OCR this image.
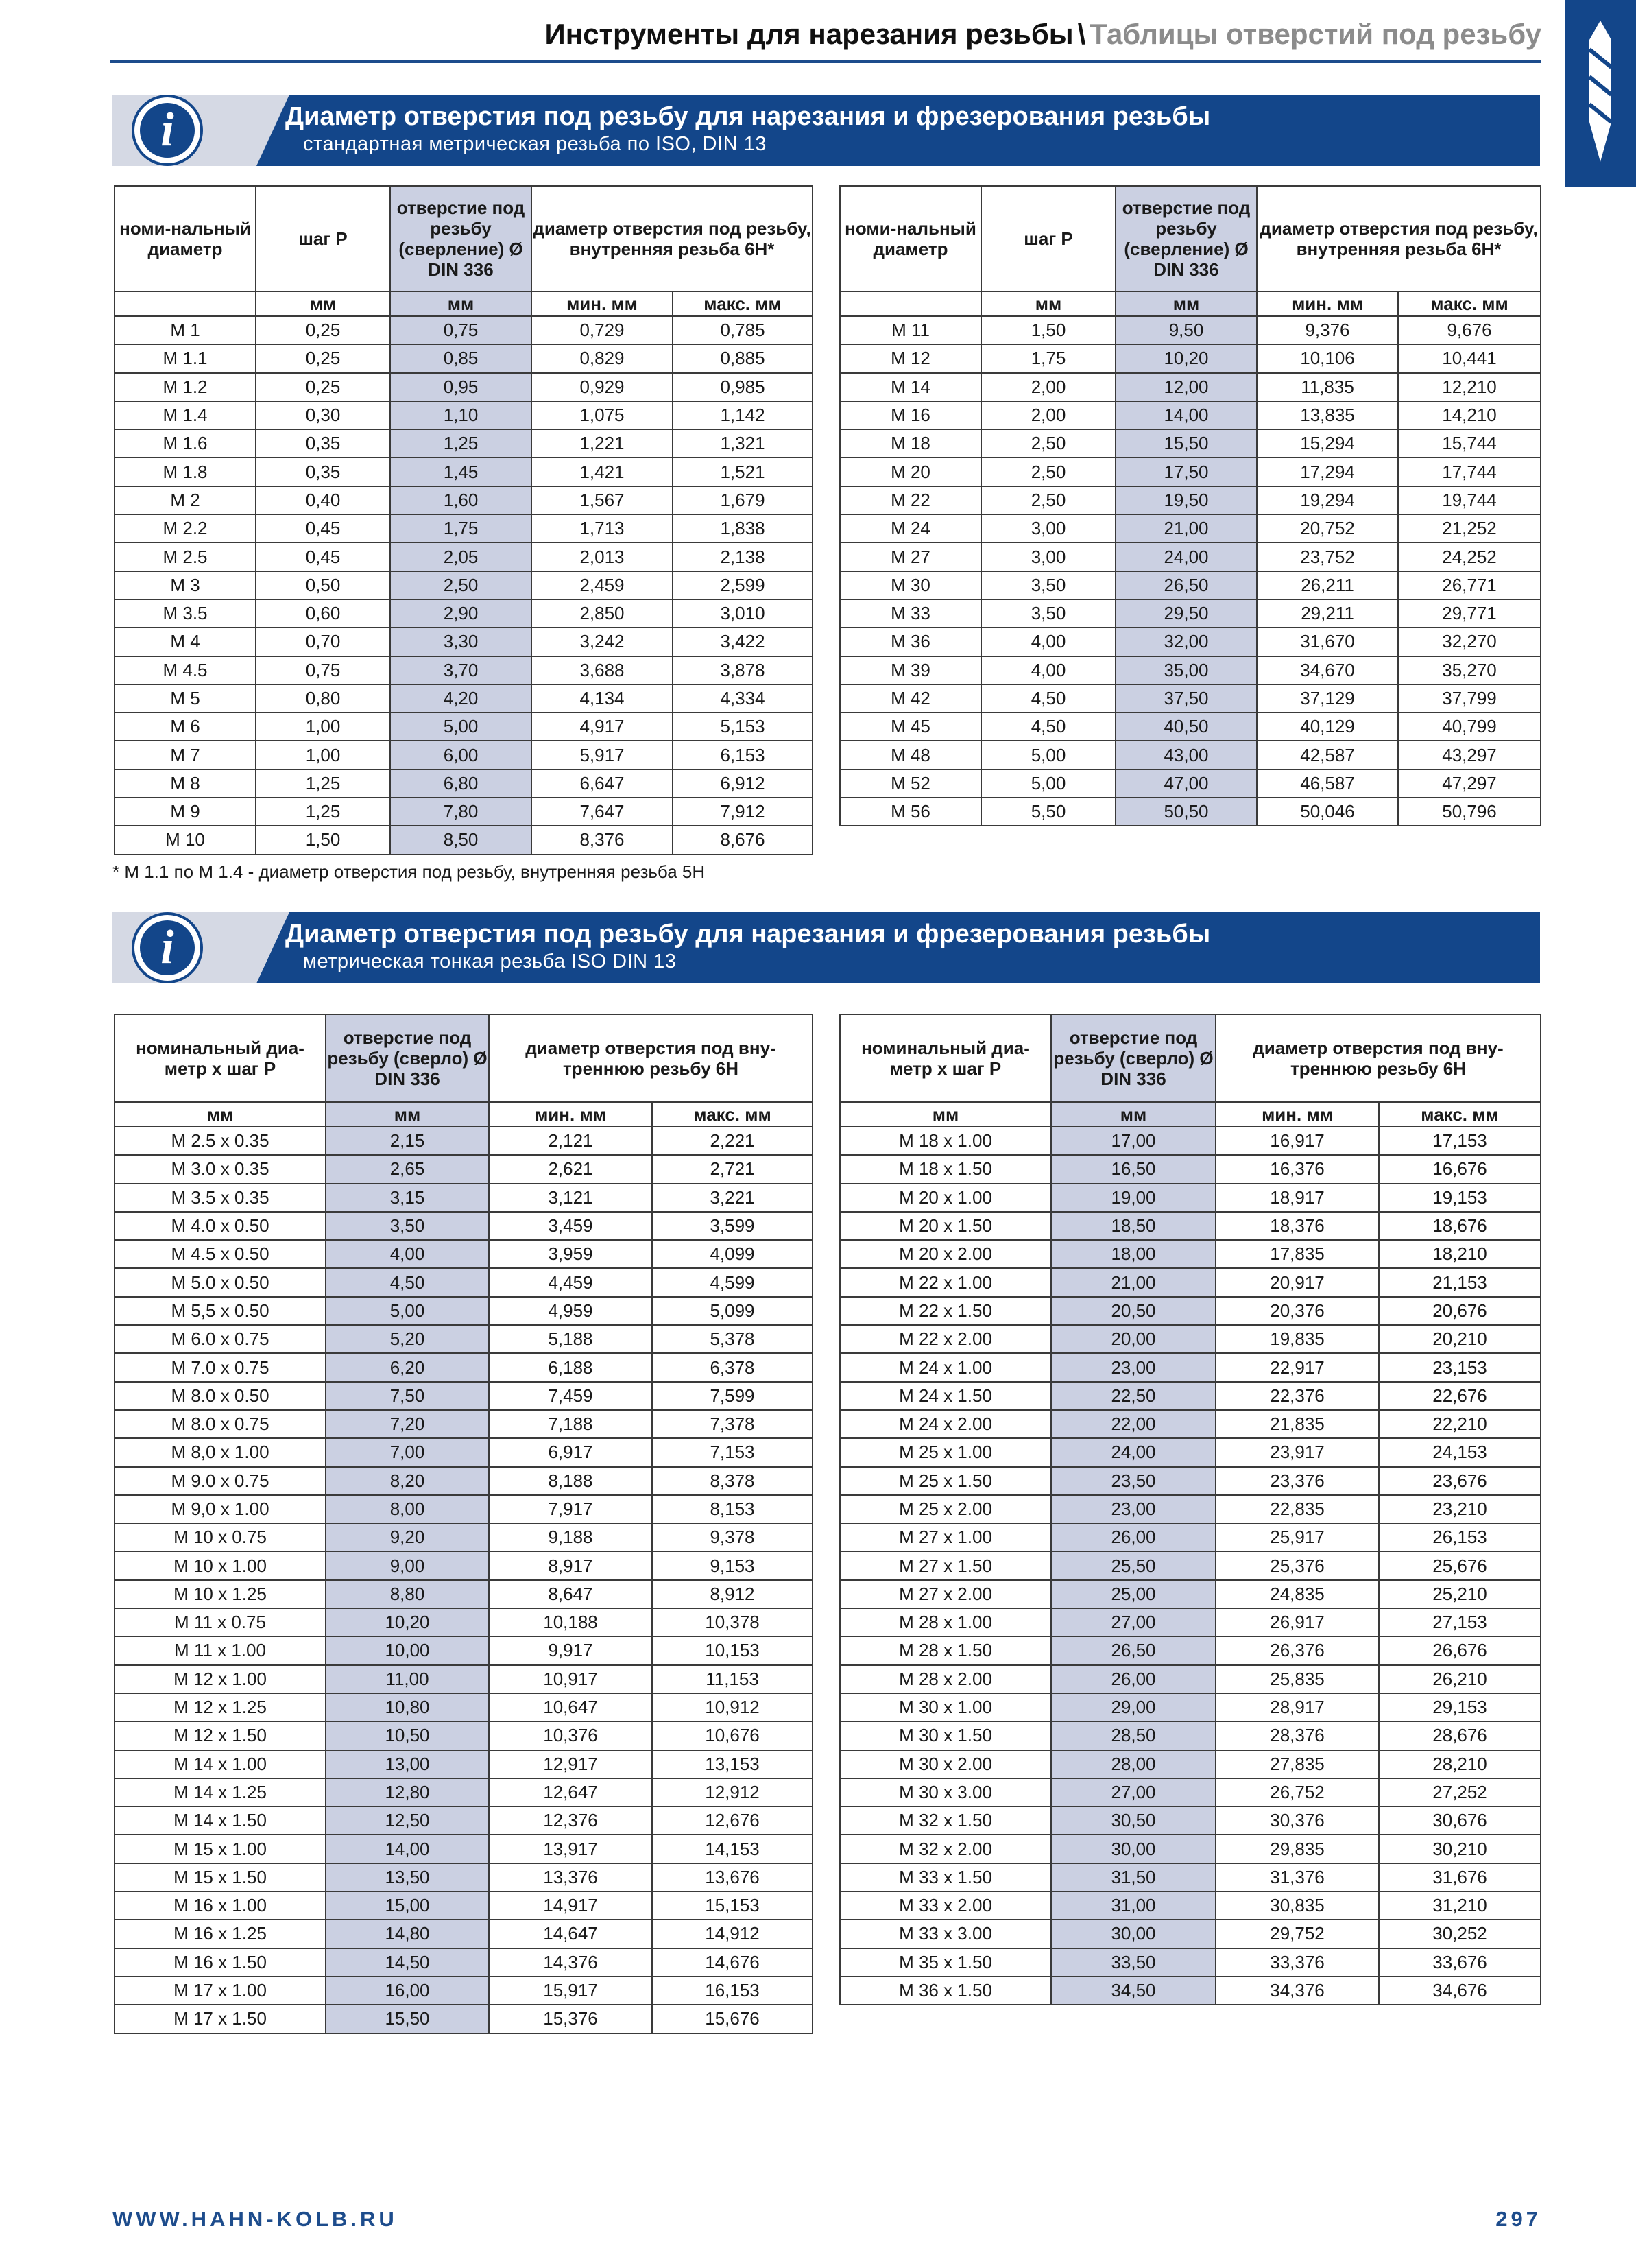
Инструменты для нарезания резьбы \ Таблицы отверстий под резьбу
i	Диаметр отверстия под резьбу для нарезания и фрезерования резьбы
стандартная метрическая резьба по ISO, DIN 13
номи-нальный диаметр	шаг P	отверстие под резьбу (сверление) Ø DIN 336	диаметр отверстия под резьбу, внутренняя резьба 6H*	
	мм	мм	мин. мм	макс. мм
M 1	0,25	0,75	0,729	0,785
M 1.1	0,25	0,85	0,829	0,885
M 1.2	0,25	0,95	0,929	0,985
M 1.4	0,30	1,10	1,075	1,142
M 1.6	0,35	1,25	1,221	1,321
M 1.8	0,35	1,45	1,421	1,521
M 2	0,40	1,60	1,567	1,679
M 2.2	0,45	1,75	1,713	1,838
M 2.5	0,45	2,05	2,013	2,138
M 3	0,50	2,50	2,459	2,599
M 3.5	0,60	2,90	2,850	3,010
M 4	0,70	3,30	3,242	3,422
M 4.5	0,75	3,70	3,688	3,878
M 5	0,80	4,20	4,134	4,334
M 6	1,00	5,00	4,917	5,153
M 7	1,00	6,00	5,917	6,153
M 8	1,25	6,80	6,647	6,912
M 9	1,25	7,80	7,647	7,912
M 10	1,50	8,50	8,376	8,676
номи-нальный диаметр	шаг P	отверстие под резьбу (сверление) Ø DIN 336	диаметр отверстия под резьбу, внутренняя резьба 6H*	
	мм	мм	мин. мм	макс. мм
M 11	1,50	9,50	9,376	9,676
M 12	1,75	10,20	10,106	10,441
M 14	2,00	12,00	11,835	12,210
M 16	2,00	14,00	13,835	14,210
M 18	2,50	15,50	15,294	15,744
M 20	2,50	17,50	17,294	17,744
M 22	2,50	19,50	19,294	19,744
M 24	3,00	21,00	20,752	21,252
M 27	3,00	24,00	23,752	24,252
M 30	3,50	26,50	26,211	26,771
M 33	3,50	29,50	29,211	29,771
M 36	4,00	32,00	31,670	32,270
M 39	4,00	35,00	34,670	35,270
M 42	4,50	37,50	37,129	37,799
M 45	4,50	40,50	40,129	40,799
M 48	5,00	43,00	42,587	43,297
M 52	5,00	47,00	46,587	47,297
M 56	5,50	50,50	50,046	50,796
* M 1.1 по M 1.4 - диаметр отверстия под резьбу, внутренняя резьба 5H
i	Диаметр отверстия под резьбу для нарезания и фрезерования резьбы
метрическая тонкая резьба ISO DIN 13
номинальный диа-метр x шаг P	отверстие под резьбу (сверло) Ø DIN 336	диаметр отверстия под вну-треннюю резьбу 6H	
мм	мм	мин. мм	макс. мм
M 2.5 x 0.35	2,15	2,121	2,221
M 3.0 x 0.35	2,65	2,621	2,721
M 3.5 x 0.35	3,15	3,121	3,221
M 4.0 x 0.50	3,50	3,459	3,599
M 4.5 x 0.50	4,00	3,959	4,099
M 5.0 x 0.50	4,50	4,459	4,599
M 5,5 x 0.50	5,00	4,959	5,099
M 6.0 x 0.75	5,20	5,188	5,378
M 7.0 x 0.75	6,20	6,188	6,378
M 8.0 x 0.50	7,50	7,459	7,599
M 8.0 x 0.75	7,20	7,188	7,378
M 8,0 x 1.00	7,00	6,917	7,153
M 9.0 x 0.75	8,20	8,188	8,378
M 9,0 x 1.00	8,00	7,917	8,153
M 10 x 0.75	9,20	9,188	9,378
M 10 x 1.00	9,00	8,917	9,153
M 10 x 1.25	8,80	8,647	8,912
M 11 x 0.75	10,20	10,188	10,378
M 11 x 1.00	10,00	9,917	10,153
M 12 x 1.00	11,00	10,917	11,153
M 12 x 1.25	10,80	10,647	10,912
M 12 x 1.50	10,50	10,376	10,676
M 14 x 1.00	13,00	12,917	13,153
M 14 x 1.25	12,80	12,647	12,912
M 14 x 1.50	12,50	12,376	12,676
M 15 x 1.00	14,00	13,917	14,153
M 15 x 1.50	13,50	13,376	13,676
M 16 x 1.00	15,00	14,917	15,153
M 16 x 1.25	14,80	14,647	14,912
M 16 x 1.50	14,50	14,376	14,676
M 17 x 1.00	16,00	15,917	16,153
M 17 x 1.50	15,50	15,376	15,676
номинальный диа-метр x шаг P	отверстие под резьбу (сверло) Ø DIN 336	диаметр отверстия под вну-треннюю резьбу 6H	
мм	мм	мин. мм	макс. мм
M 18 x 1.00	17,00	16,917	17,153
M 18 x 1.50	16,50	16,376	16,676
M 20 x 1.00	19,00	18,917	19,153
M 20 x 1.50	18,50	18,376	18,676
M 20 x 2.00	18,00	17,835	18,210
M 22 x 1.00	21,00	20,917	21,153
M 22 x 1.50	20,50	20,376	20,676
M 22 x 2.00	20,00	19,835	20,210
M 24 x 1.00	23,00	22,917	23,153
M 24 x 1.50	22,50	22,376	22,676
M 24 x 2.00	22,00	21,835	22,210
M 25 x 1.00	24,00	23,917	24,153
M 25 x 1.50	23,50	23,376	23,676
M 25 x 2.00	23,00	22,835	23,210
M 27 x 1.00	26,00	25,917	26,153
M 27 x 1.50	25,50	25,376	25,676
M 27 x 2.00	25,00	24,835	25,210
M 28 x 1.00	27,00	26,917	27,153
M 28 x 1.50	26,50	26,376	26,676
M 28 x 2.00	26,00	25,835	26,210
M 30 x 1.00	29,00	28,917	29,153
M 30 x 1.50	28,50	28,376	28,676
M 30 x 2.00	28,00	27,835	28,210
M 30 x 3.00	27,00	26,752	27,252
M 32 x 1.50	30,50	30,376	30,676
M 32 x 2.00	30,00	29,835	30,210
M 33 x 1.50	31,50	31,376	31,676
M 33 x 2.00	31,00	30,835	31,210
M 33 x 3.00	30,00	29,752	30,252
M 35 x 1.50	33,50	33,376	33,676
M 36 x 1.50	34,50	34,376	34,676
WWW.HAHN-KOLB.RU	297
